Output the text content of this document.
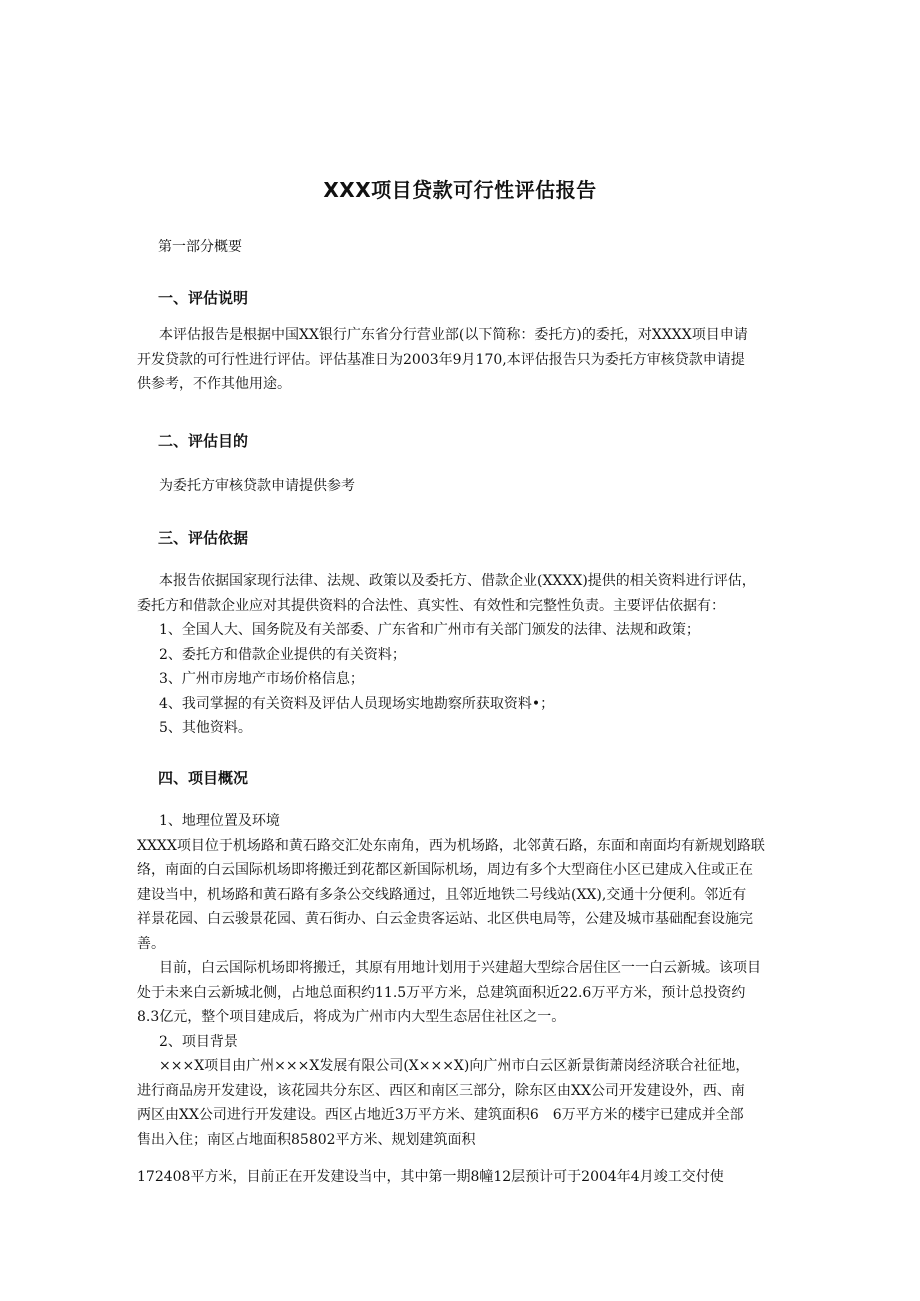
XXX项目贷款可行性评估报告

第一部分概要

一、评估说明
本评估报告是根据中国XX银行广东省分行营业部(以下简称：委托方)的委托，对XXXX项目申请
开发贷款的可行性进行评估。评估基准日为2003年9月170,本评估报告只为委托方审核贷款申请提
供参考，不作其他用途。
二、评估目的

为委托方审核贷款申请提供参考

三、评估依据
本报告依据国家现行法律、法规、政策以及委托方、借款企业(XXXX)提供的相关资料进行评估，
委托方和借款企业应对其提供资料的合法性、真实性、有效性和完整性负责。主要评估依据有：
1、全国人大、国务院及有关部委、广东省和广州市有关部门颁发的法律、法规和政策；
2、委托方和借款企业提供的有关资料；
3、广州市房地产市场价格信息；
4、我司掌握的有关资料及评估人员现场实地勘察所获取资料•；
5、其他资料。
四、项目概况
1、地理位置及环境
XXXX项目位于机场路和黄石路交汇处东南角，西为机场路，北邻黄石路，东面和南面均有新规划路联
络，南面的白云国际机场即将搬迁到花都区新国际机场，周边有多个大型商住小区已建成入住或正在
建设当中，机场路和黄石路有多条公交线路通过，且邻近地铁二号线站(XX),交通十分便利。邻近有
祥景花园、白云骏景花园、黄石街办、白云金贵客运站、北区供电局等，公建及城市基础配套设施完
善。
目前，白云国际机场即将搬迁，其原有用地计划用于兴建超大型综合居住区一一白云新城。该项目
处于未来白云新城北侧，占地总面积约11.5万平方米，总建筑面积近22.6万平方米，预计总投资约
8.3亿元，整个项目建成后，将成为广州市内大型生态居住社区之一。
2、项目背景
×××X项目由广州×××X发展有限公司(X×××X)向广州市白云区新景街萧岗经济联合社征地，
进行商品房开发建设，该花园共分东区、西区和南区三部分，除东区由XX公司开发建设外，西、南
两区由XX公司进行开发建设。西区占地近3万平方米、建筑面积6　6万平方米的楼宇已建成并全部
售出入住；南区占地面积85802平方米、规划建筑面积

172408平方米，目前正在开发建设当中，其中第一期8幢12层预计可于2004年4月竣工交付使
